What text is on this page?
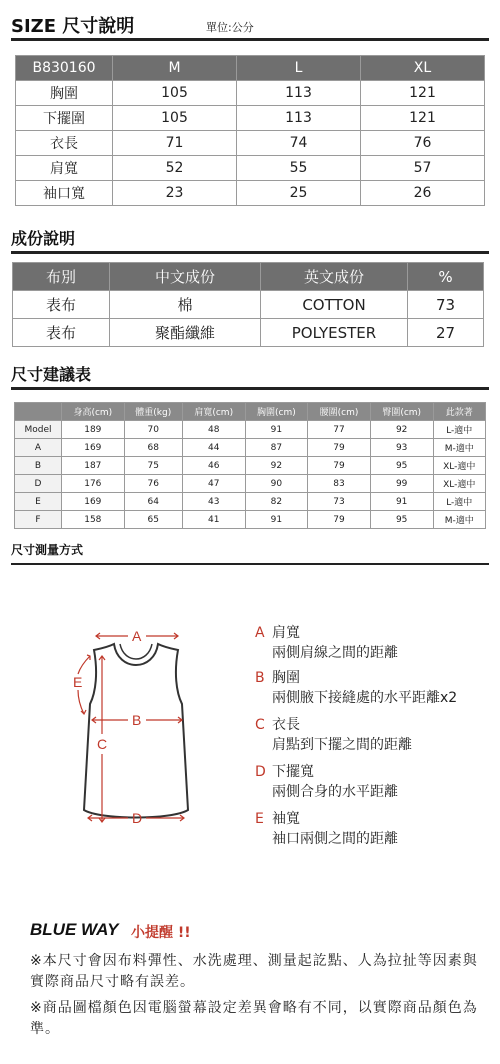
SIZE 尺寸說明	單位:公分
B830160	M	L	XL
胸圍	105	113	121
下擺圍	105	113	121
衣長	71	74	76
肩寬	52	55	57
袖口寬	23	25	26
成份說明
布別	中文成份	英文成份	%
表布	棉	COTTON	73
表布	聚酯纖維	POLYESTER	27
尺寸建議表
	身高(cm)	體重(kg)	肩寬(cm)	胸圍(cm)	腰圍(cm)	臀圍(cm)	此款著
Model	189	70	48	91	77	92	L-適中
A	169	68	44	87	79	93	M-適中
B	187	75	46	92	79	95	XL-適中
D	176	76	47	90	83	99	XL-適中
E	169	64	43	82	73	91	L-適中
F	158	65	41	91	79	95	M-適中
尺寸測量方式
A
E
B
C
D
A 肩寬
兩側肩線之間的距離
B 胸圍
兩側腋下接縫處的水平距離x2
C 衣長
肩點到下擺之間的距離
D 下擺寬
兩側合身的水平距離
E 袖寬
袖口兩側之間的距離
BLUE WAY 小提醒 !!
※本尺寸會因布料彈性、水洗處理、測量起訖點、人為拉扯等因素與實際商品尺寸略有誤差。
※商品圖檔顏色因電腦螢幕設定差異會略有不同，以實際商品顏色為準。
